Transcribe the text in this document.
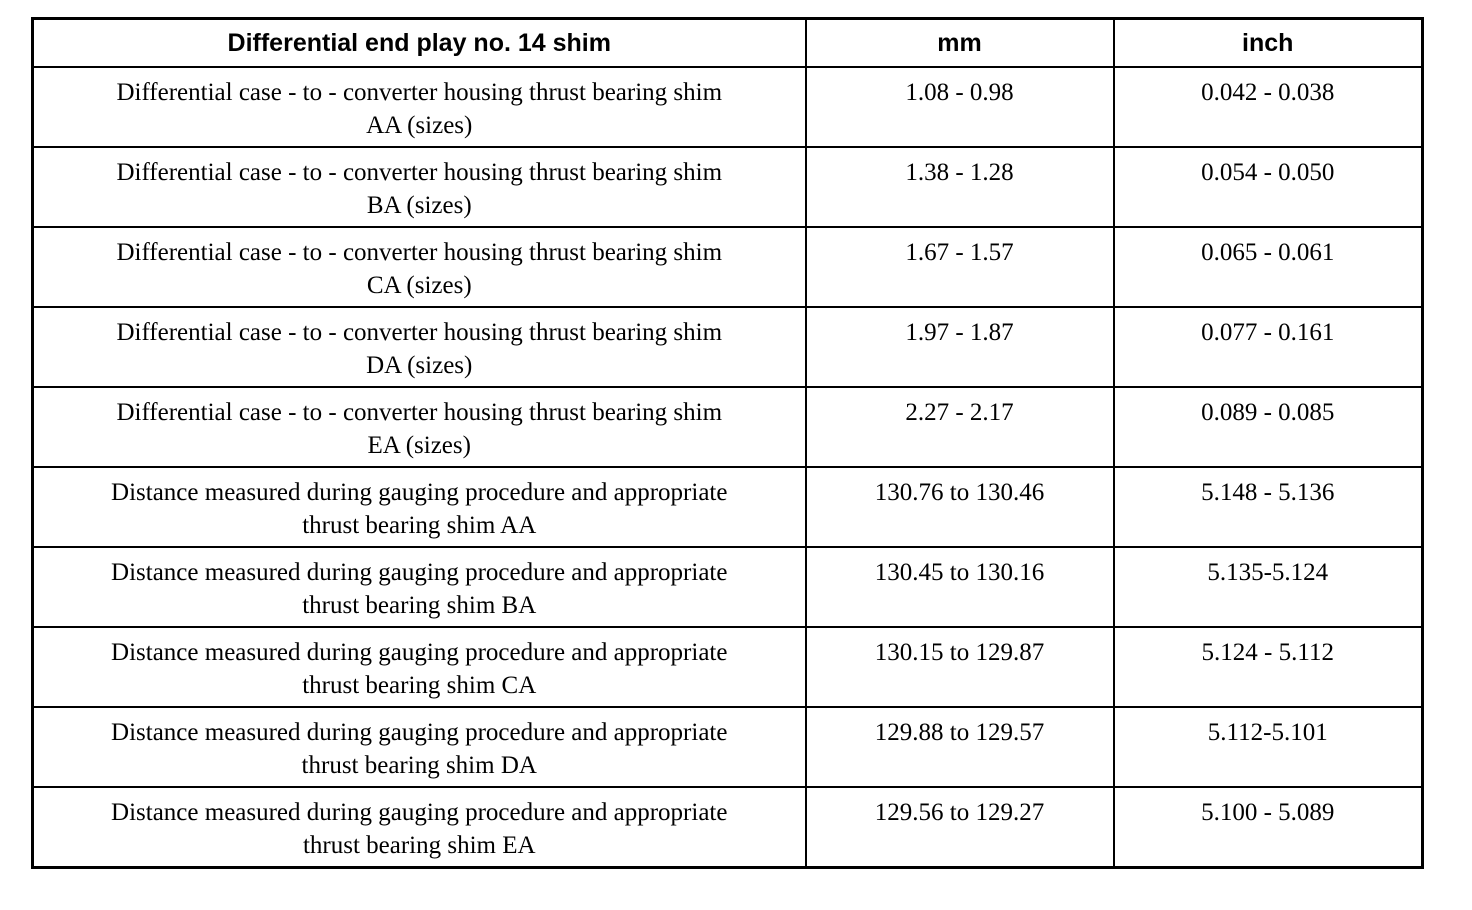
Differential end play no. 14 shim	mm	inch

Differential case - to - converter housing thrust bearing shim
AA (sizes)	1.08 - 0.98	0.042 - 0.038

Differential case - to - converter housing thrust bearing shim
BA (sizes)	1.38 - 1.28	0.054 - 0.050

Differential case - to - converter housing thrust bearing shim
CA (sizes)	1.67 - 1.57	0.065 - 0.061

Differential case - to - converter housing thrust bearing shim
DA (sizes)	1.97 - 1.87	0.077 - 0.161

Differential case - to - converter housing thrust bearing shim
EA (sizes)	2.27 - 2.17	0.089 - 0.085

Distance measured during gauging procedure and appropriate
thrust bearing shim AA	130.76 to 130.46	5.148 - 5.136

Distance measured during gauging procedure and appropriate
thrust bearing shim BA	130.45 to 130.16	5.135-5.124

Distance measured during gauging procedure and appropriate
thrust bearing shim CA	130.15 to 129.87	5.124 - 5.112

Distance measured during gauging procedure and appropriate
thrust bearing shim DA	129.88 to 129.57	5.112-5.101

Distance measured during gauging procedure and appropriate
thrust bearing shim EA	129.56 to 129.27	5.100 - 5.089
